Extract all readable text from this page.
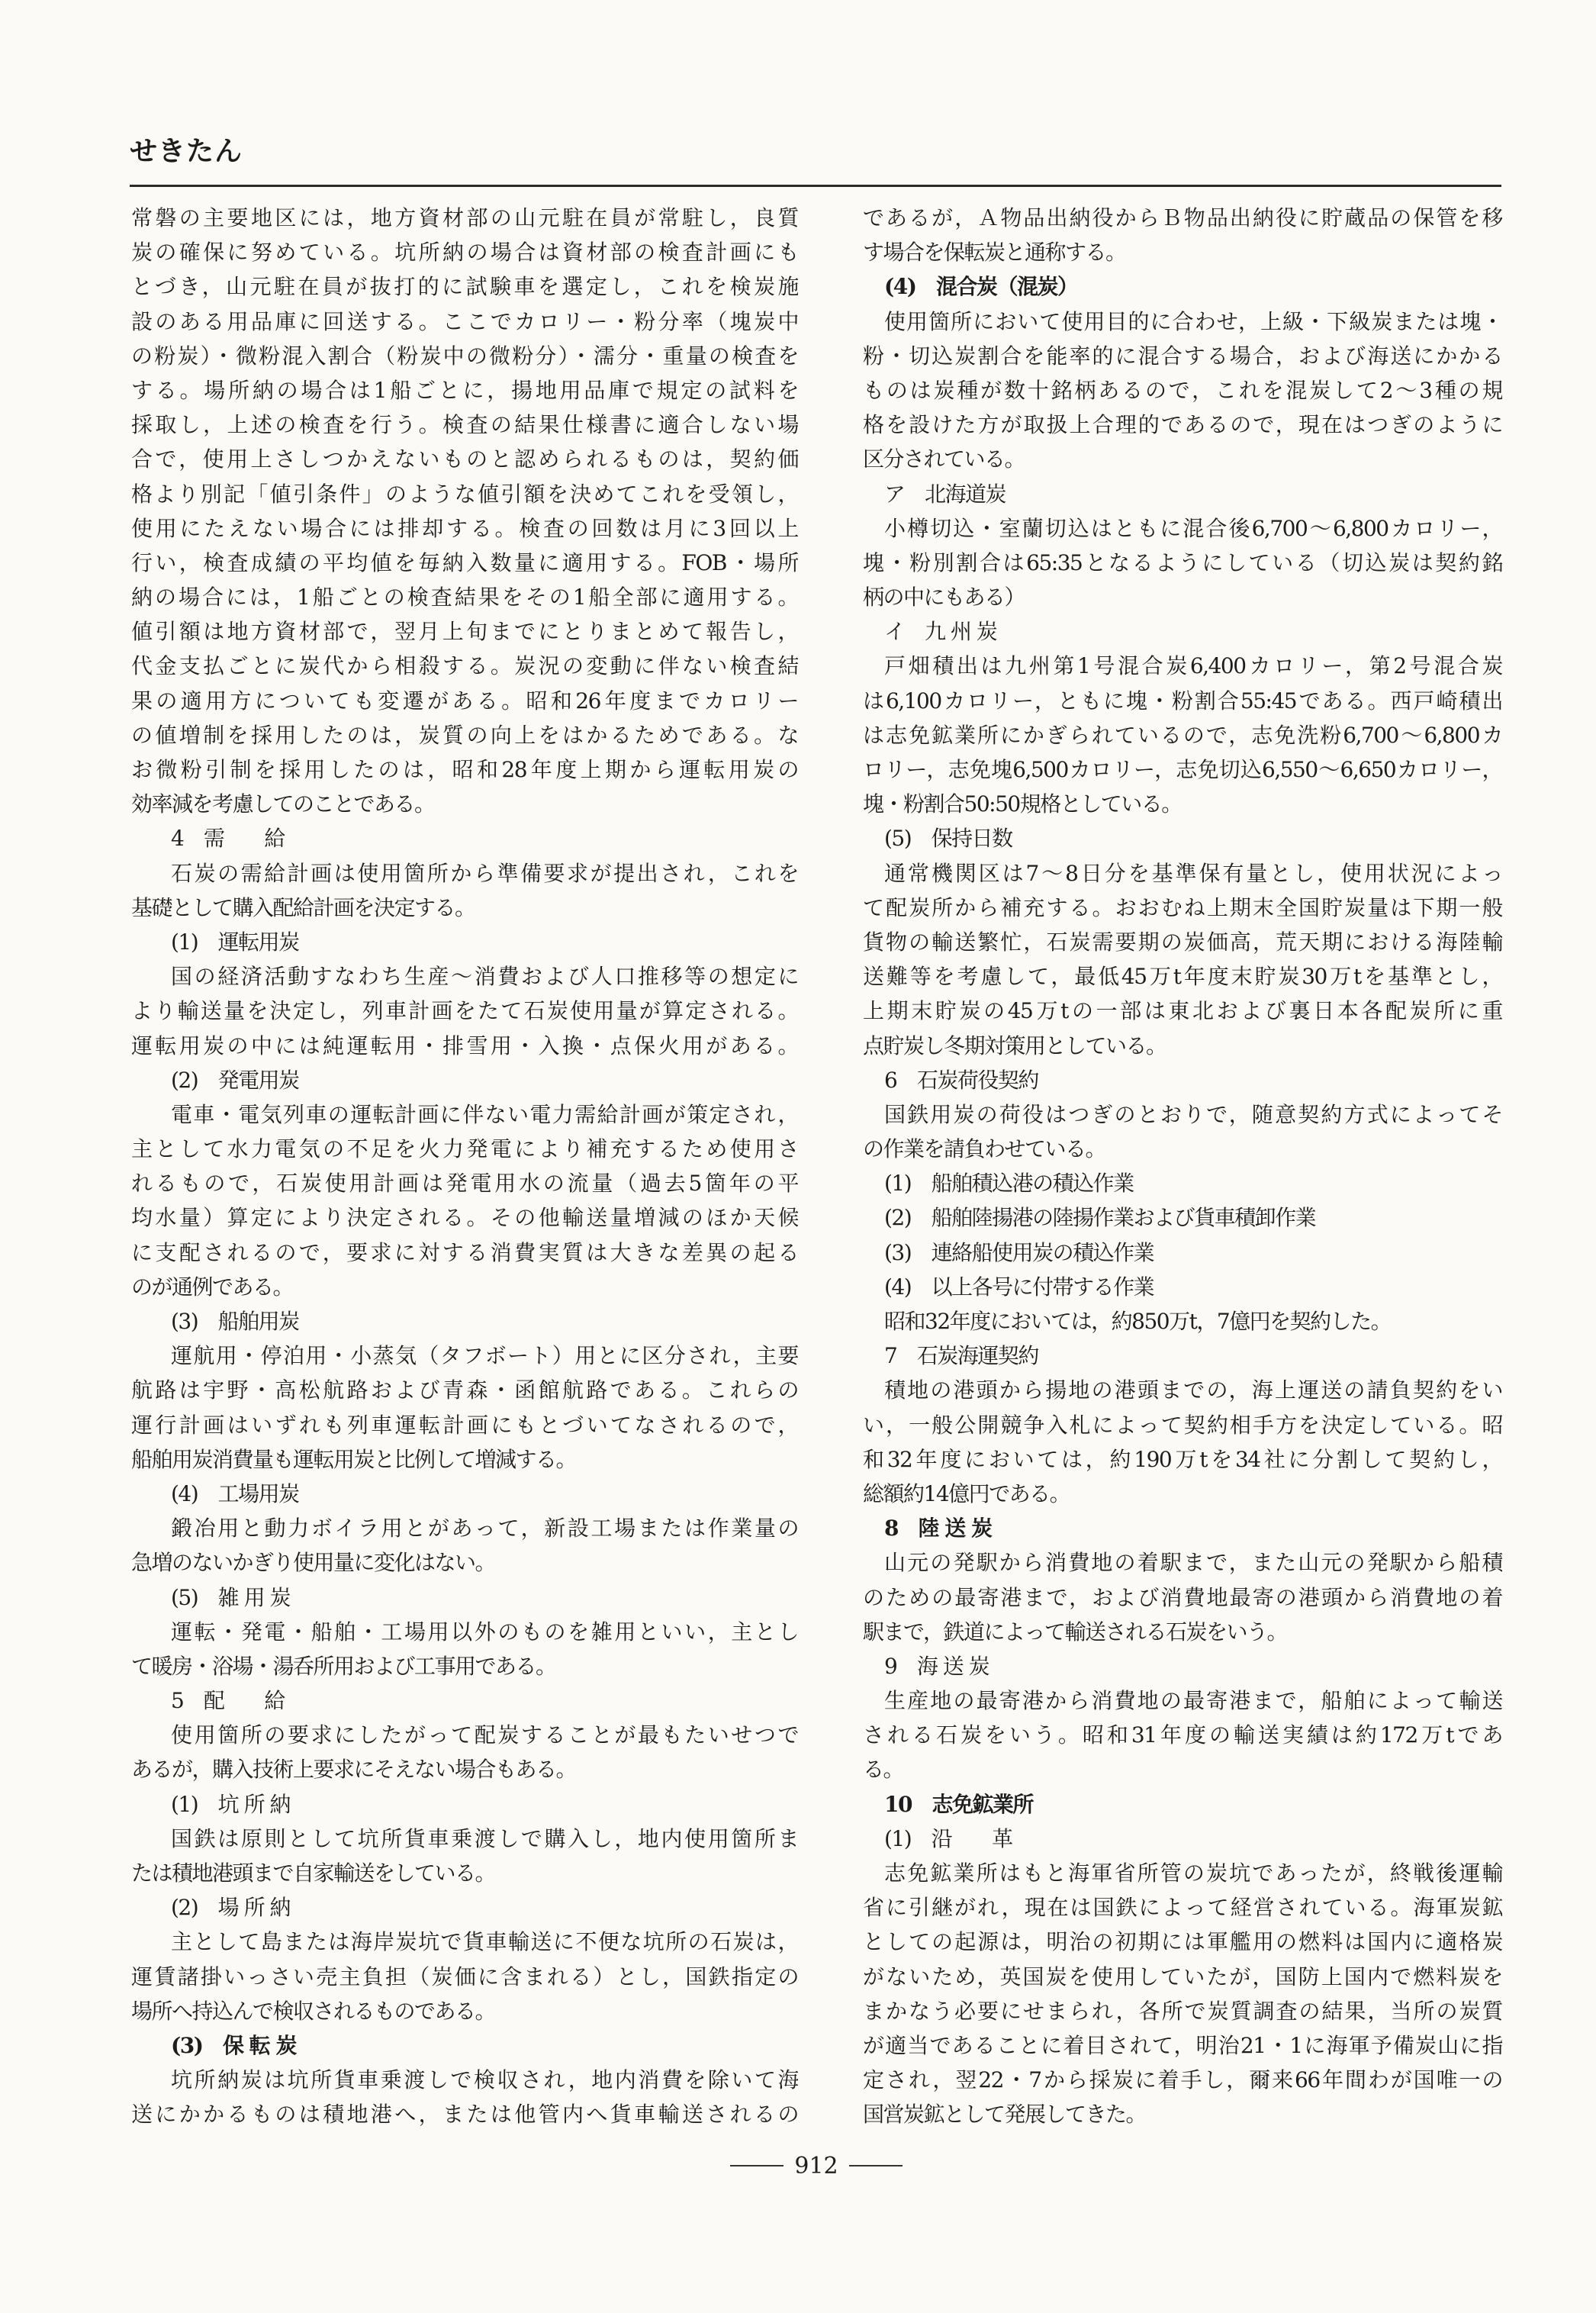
せきたん
常磐の主要地区には，地方資材部の山元駐在員が常駐し，良質
炭の確保に努めている。坑所納の場合は資材部の検査計画にも
とづき，山元駐在員が抜打的に試験車を選定し，これを検炭施
設のある用品庫に回送する。ここでカロリー・粉分率（塊炭中
の粉炭）・微粉混入割合（粉炭中の微粉分）・濡分・重量の検査を
する。場所納の場合は1船ごとに，揚地用品庫で規定の試料を
採取し，上述の検査を行う。検査の結果仕様書に適合しない場
合で，使用上さしつかえないものと認められるものは，契約価
格より別記「値引条件」のような値引額を決めてこれを受領し，
使用にたえない場合には排却する。検査の回数は月に3回以上
行い，検査成績の平均値を毎納入数量に適用する。FOB・場所
納の場合には，1船ごとの検査結果をその1船全部に適用する。
値引額は地方資材部で，翌月上旬までにとりまとめて報告し，
代金支払ごとに炭代から相殺する。炭況の変動に伴ない検査結
果の適用方についても変遷がある。昭和26年度までカロリー
の値増制を採用したのは，炭質の向上をはかるためである。な
お微粉引制を採用したのは，昭和28年度上期から運転用炭の
効率減を考慮してのことである。
4　需　　給
石炭の需給計画は使用箇所から準備要求が提出され，これを
基礎として購入配給計画を決定する。
(1)　運転用炭
国の経済活動すなわち生産～消費および人口推移等の想定に
より輸送量を決定し，列車計画をたて石炭使用量が算定される。
運転用炭の中には純運転用・排雪用・入換・点保火用がある。
(2)　発電用炭
電車・電気列車の運転計画に伴ない電力需給計画が策定され，
主として水力電気の不足を火力発電により補充するため使用さ
れるもので，石炭使用計画は発電用水の流量（過去5箇年の平
均水量）算定により決定される。その他輸送量増減のほか天候
に支配されるので，要求に対する消費実質は大きな差異の起る
のが通例である。
(3)　船舶用炭
運航用・停泊用・小蒸気（タフボート）用とに区分され，主要
航路は宇野・高松航路および青森・函館航路である。これらの
運行計画はいずれも列車運転計画にもとづいてなされるので，
船舶用炭消費量も運転用炭と比例して増減する。
(4)　工場用炭
鍛冶用と動力ボイラ用とがあって，新設工場または作業量の
急増のないかぎり使用量に変化はない。
(5)　雑 用 炭
運転・発電・船舶・工場用以外のものを雑用といい，主とし
て暖房・浴場・湯呑所用および工事用である。
5　配　　給
使用箇所の要求にしたがって配炭することが最もたいせつで
あるが，購入技術上要求にそえない場合もある。
(1)　坑 所 納
国鉄は原則として坑所貨車乗渡しで購入し，地内使用箇所ま
たは積地港頭まで自家輸送をしている。
(2)　場 所 納
主として島または海岸炭坑で貨車輸送に不便な坑所の石炭は，
運賃諸掛いっさい売主負担（炭価に含まれる）とし，国鉄指定の
場所へ持込んで検収されるものである。
(3)　保 転 炭
坑所納炭は坑所貨車乗渡しで検収され，地内消費を除いて海
送にかかるものは積地港へ，または他管内へ貨車輸送されるの
であるが，Ａ物品出納役からＢ物品出納役に貯蔵品の保管を移
す場合を保転炭と通称する。
(4)　混合炭（混炭）
使用箇所において使用目的に合わせ，上級・下級炭または塊・
粉・切込炭割合を能率的に混合する場合，および海送にかかる
ものは炭種が数十銘柄あるので，これを混炭して2～3種の規
格を設けた方が取扱上合理的であるので，現在はつぎのように
区分されている。
ア　北海道炭
小樽切込・室蘭切込はともに混合後6,700～6,800カロリー，
塊・粉別割合は65:35となるようにしている（切込炭は契約銘
柄の中にもある）
イ　九 州 炭
戸畑積出は九州第1号混合炭6,400カロリー，第2号混合炭
は6,100カロリー，ともに塊・粉割合55:45である。西戸崎積出
は志免鉱業所にかぎられているので，志免洗粉6,700～6,800カ
ロリー，志免塊6,500カロリー，志免切込6,550～6,650カロリー，
塊・粉割合50:50規格としている。
(5)　保持日数
通常機関区は7～8日分を基準保有量とし，使用状況によっ
て配炭所から補充する。おおむね上期末全国貯炭量は下期一般
貨物の輸送繁忙，石炭需要期の炭価高，荒天期における海陸輸
送難等を考慮して，最低45万t年度末貯炭30万tを基準とし，
上期末貯炭の45万tの一部は東北および裏日本各配炭所に重
点貯炭し冬期対策用としている。
6　石炭荷役契約
国鉄用炭の荷役はつぎのとおりで，随意契約方式によってそ
の作業を請負わせている。
(1)　船舶積込港の積込作業
(2)　船舶陸揚港の陸揚作業および貨車積卸作業
(3)　連絡船使用炭の積込作業
(4)　以上各号に付帯する作業
昭和32年度においては，約850万t，7億円を契約した。
7　石炭海運契約
積地の港頭から揚地の港頭までの，海上運送の請負契約をい
い，一般公開競争入札によって契約相手方を決定している。昭
和32年度においては，約190万tを34社に分割して契約し，
総額約14億円である。
8　陸 送 炭
山元の発駅から消費地の着駅まで，また山元の発駅から船積
のための最寄港まで，および消費地最寄の港頭から消費地の着
駅まで，鉄道によって輸送される石炭をいう。
9　海 送 炭
生産地の最寄港から消費地の最寄港まで，船舶によって輸送
される石炭をいう。昭和31年度の輸送実績は約172万tであ
る。
10　志免鉱業所
(1)　沿　　革
志免鉱業所はもと海軍省所管の炭坑であったが，終戦後運輸
省に引継がれ，現在は国鉄によって経営されている。海軍炭鉱
としての起源は，明治の初期には軍艦用の燃料は国内に適格炭
がないため，英国炭を使用していたが，国防上国内で燃料炭を
まかなう必要にせまられ，各所で炭質調査の結果，当所の炭質
が適当であることに着目されて，明治21・1に海軍予備炭山に指
定され，翌22・7から採炭に着手し，爾来66年間わが国唯一の
国営炭鉱として発展してきた。
912
